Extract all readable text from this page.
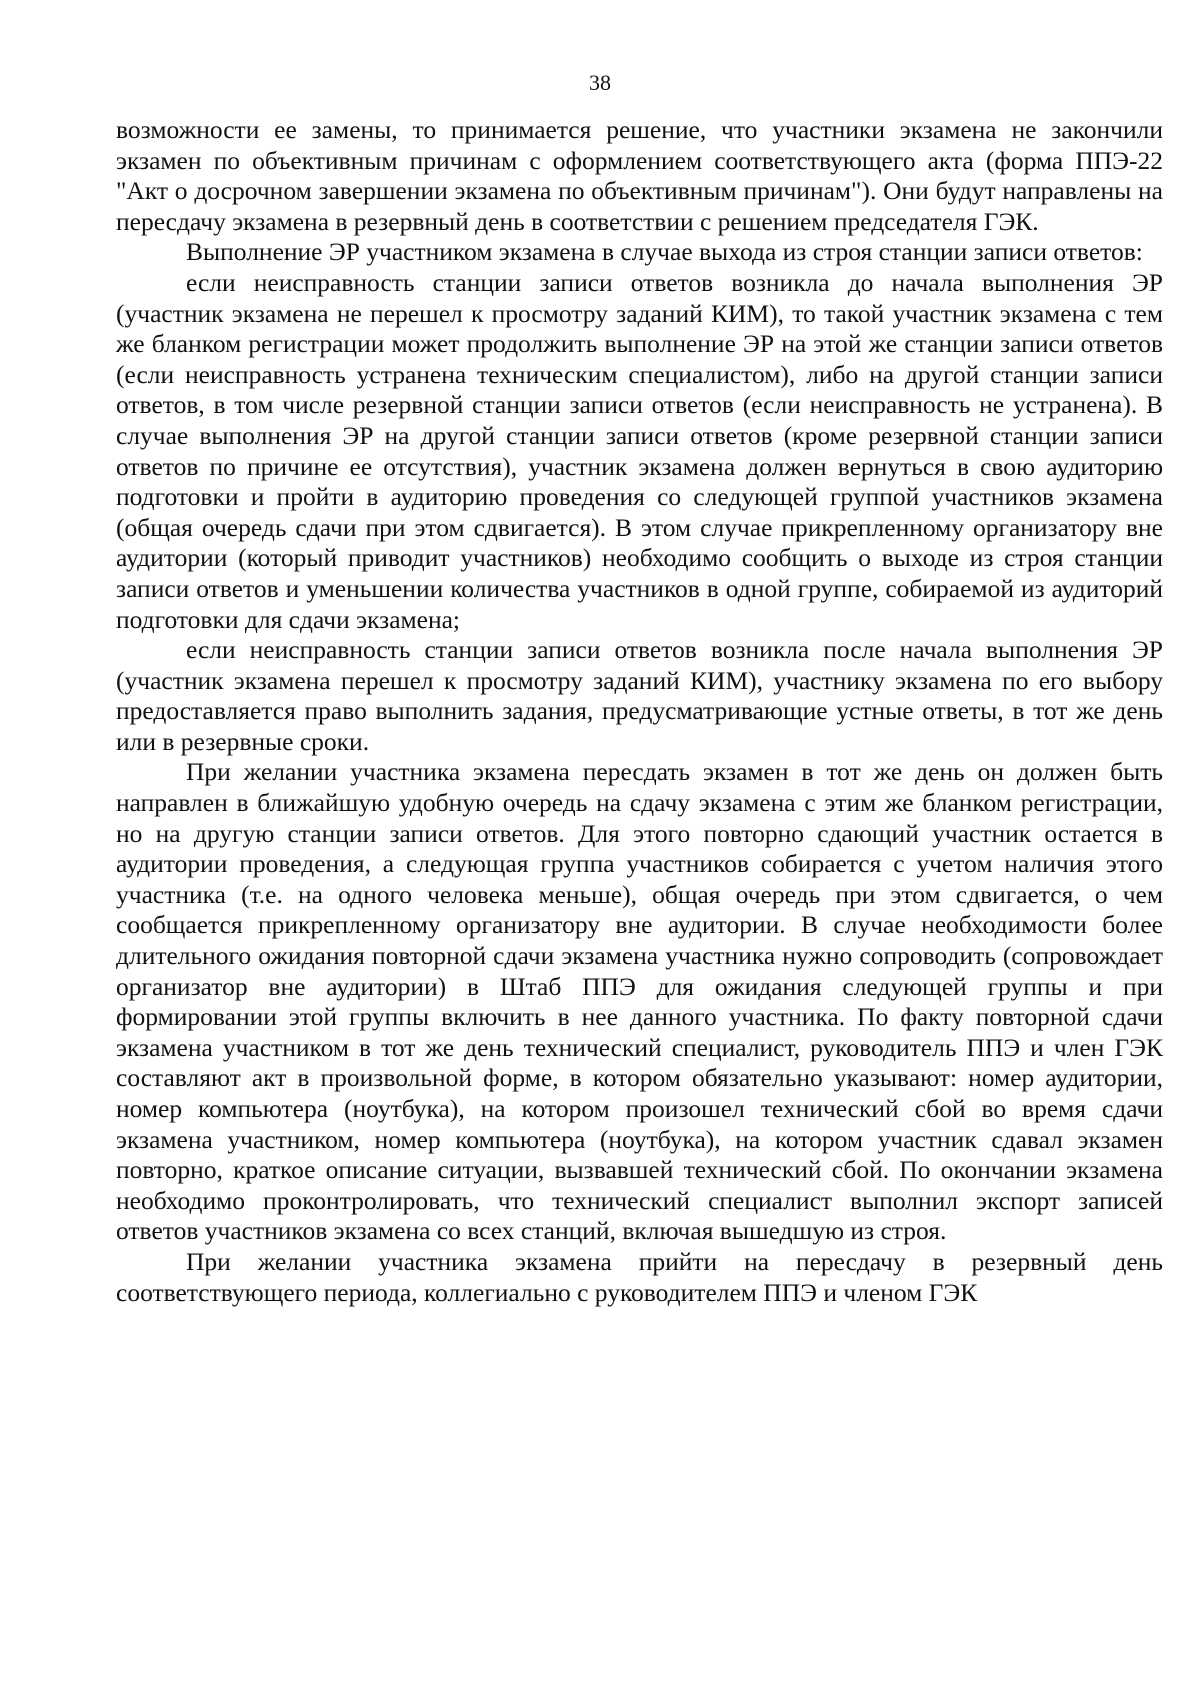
38

возможности ее замены, то принимается решение, что участники экзамена не закончили экзамен по объективным причинам с оформлением соответствующего акта (форма ППЭ-22 "Акт о досрочном завершении экзамена по объективным причинам"). Они будут направлены на пересдачу экзамена в резервный день в соответствии с решением председателя ГЭК.

Выполнение ЭР участником экзамена в случае выхода из строя станции записи ответов:

если неисправность станции записи ответов возникла до начала выполнения ЭР (участник экзамена не перешел к просмотру заданий КИМ), то такой участник экзамена с тем же бланком регистрации может продолжить выполнение ЭР на этой же станции записи ответов (если неисправность устранена техническим специалистом), либо на другой станции записи ответов, в том числе резервной станции записи ответов (если неисправность не устранена). В случае выполнения ЭР на другой станции записи ответов (кроме резервной станции записи ответов по причине ее отсутствия), участник экзамена должен вернуться в свою аудиторию подготовки и пройти в аудиторию проведения со следующей группой участников экзамена (общая очередь сдачи при этом сдвигается). В этом случае прикрепленному организатору вне аудитории (который приводит участников) необходимо сообщить о выходе из строя станции записи ответов и уменьшении количества участников в одной группе, собираемой из аудиторий подготовки для сдачи экзамена;

если неисправность станции записи ответов возникла после начала выполнения ЭР (участник экзамена перешел к просмотру заданий КИМ), участнику экзамена по его выбору предоставляется право выполнить задания, предусматривающие устные ответы, в тот же день или в резервные сроки.

При желании участника экзамена пересдать экзамен в тот же день он должен быть направлен в ближайшую удобную очередь на сдачу экзамена с этим же бланком регистрации, но на другую станции записи ответов. Для этого повторно сдающий участник остается в аудитории проведения, а следующая группа участников собирается с учетом наличия этого участника (т.е. на одного человека меньше), общая очередь при этом сдвигается, о чем сообщается прикрепленному организатору вне аудитории. В случае необходимости более длительного ожидания повторной сдачи экзамена участника нужно сопроводить (сопровождает организатор вне аудитории) в Штаб ППЭ для ожидания следующей группы и при формировании этой группы включить в нее данного участника. По факту повторной сдачи экзамена участником в тот же день технический специалист, руководитель ППЭ и член ГЭК составляют акт в произвольной форме, в котором обязательно указывают: номер аудитории, номер компьютера (ноутбука), на котором произошел технический сбой во время сдачи экзамена участником, номер компьютера (ноутбука), на котором участник сдавал экзамен повторно, краткое описание ситуации, вызвавшей технический сбой. По окончании экзамена необходимо проконтролировать, что технический специалист выполнил экспорт записей ответов участников экзамена со всех станций, включая вышедшую из строя.

При желании участника экзамена прийти на пересдачу в резервный день соответствующего периода, коллегиально с руководителем ППЭ и членом ГЭК
